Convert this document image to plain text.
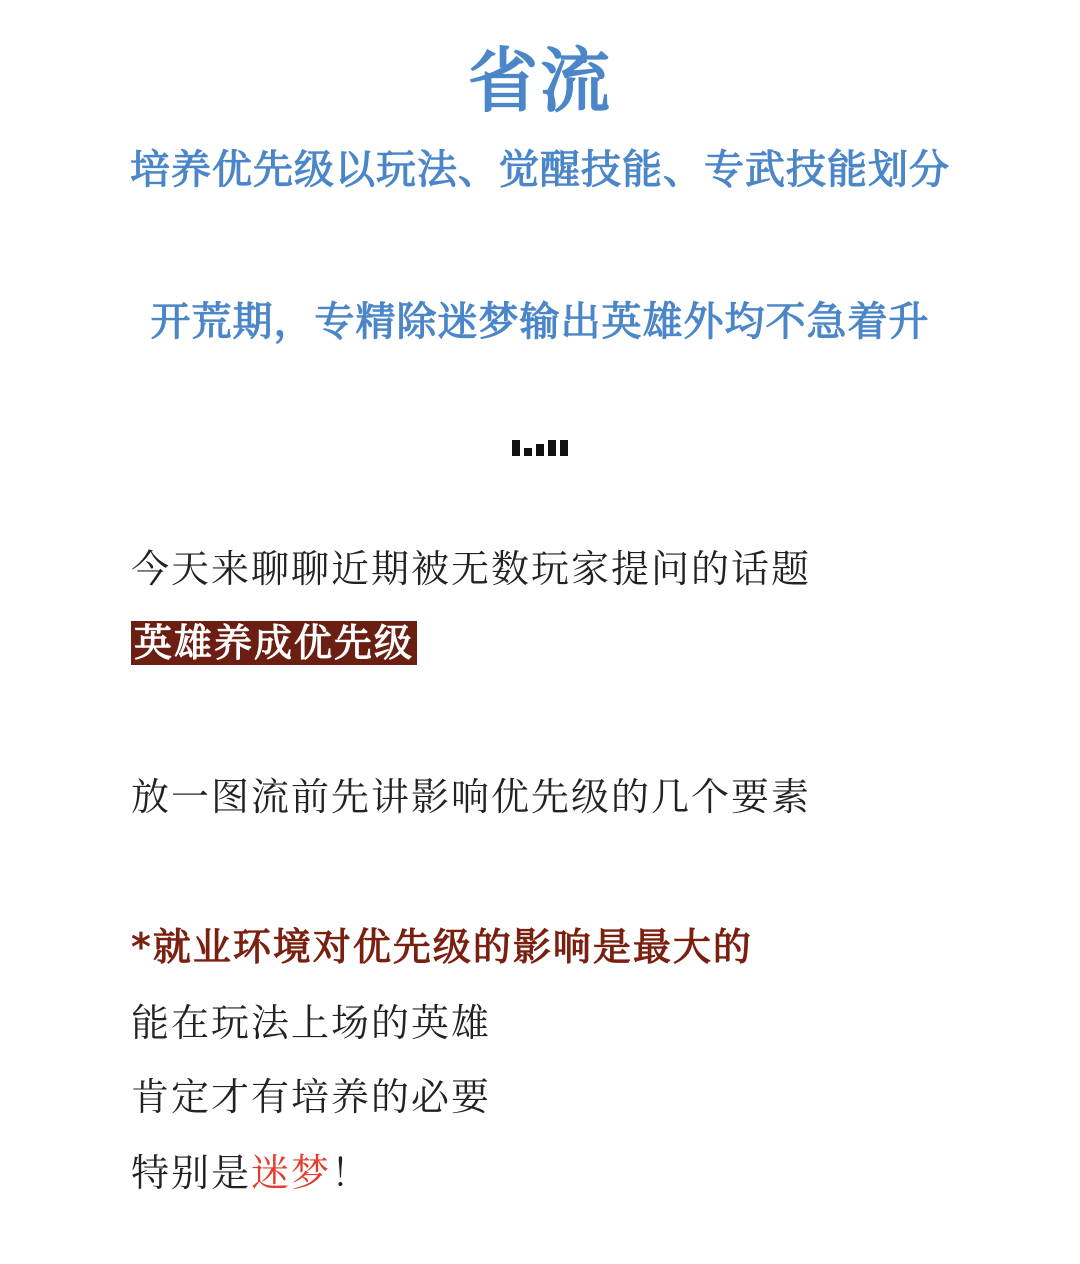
省流
培养优先级以玩法、觉醒技能、专武技能划分
开荒期，专精除迷梦输出英雄外均不急着升
今天来聊聊近期被无数玩家提问的话题
英雄养成优先级
放一图流前先讲影响优先级的几个要素
*就业环境对优先级的影响是最大的
能在玩法上场的英雄
肯定才有培养的必要
特别是迷梦！
